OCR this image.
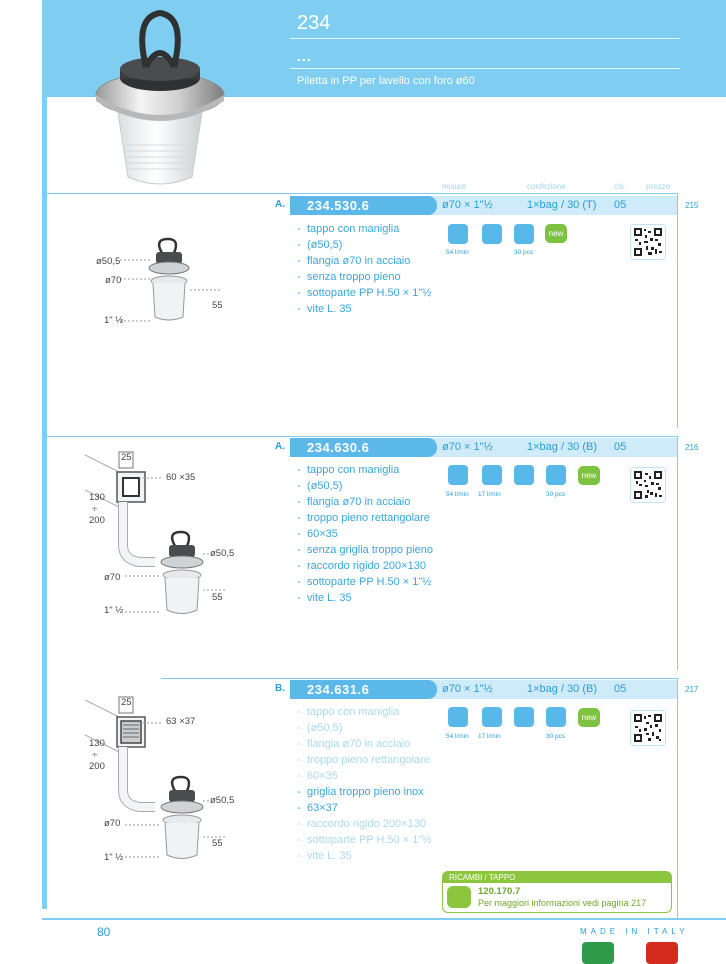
234
...
Piletta in PP per lavello con foro ø60
misure	confezione	cls.	prezzo
234.530.6
A.	ø70 × 1"½	1×bag / 30 (T) 05	215
- tappo con maniglia
- (ø50,5)
- flangia ø70 in acciaio
- senza troppo pieno
- sottoparte PP H.50 × 1"½
- vite L. 35
54 l/min	30 pcs
new
ø50,5
ø70
55
1" ½
234.630.6
A.	ø70 × 1"½	1×bag / 30 (B) 05	216
- tappo con maniglia
- (ø50,5)
- flangia ø70 in acciaio
- troppo pieno rettangolare
- 60×35
- senza griglia troppo pieno
- raccordo rigido 200×130
- sottoparte PP H.50 × 1"½
- vite L. 35
54 l/min 17 l/min	30 pcs
new
25
60 ×35
130
÷
200
ø50,5
ø70
55
1" ½
234.631.6
B.	ø70 × 1"½	1×bag / 30 (B) 05	217
- tappo con maniglia
- (ø50,5)
- flangia ø70 in acciaio
- troppo pieno rettangolare
- 60×35
- griglia troppo pieno inox
- 63×37
- raccordo rigido 200×130
- sottoparte PP H.50 × 1"½
- vite L. 35
54 l/min 17 l/min	30 pcs
new
25
63 ×37
130
÷
200
ø50,5
ø70
55
1" ½
RICAMBI / TAPPO
120.170.7
Per maggiori informazioni vedi pagina 217
80	MADE IN ITALY
